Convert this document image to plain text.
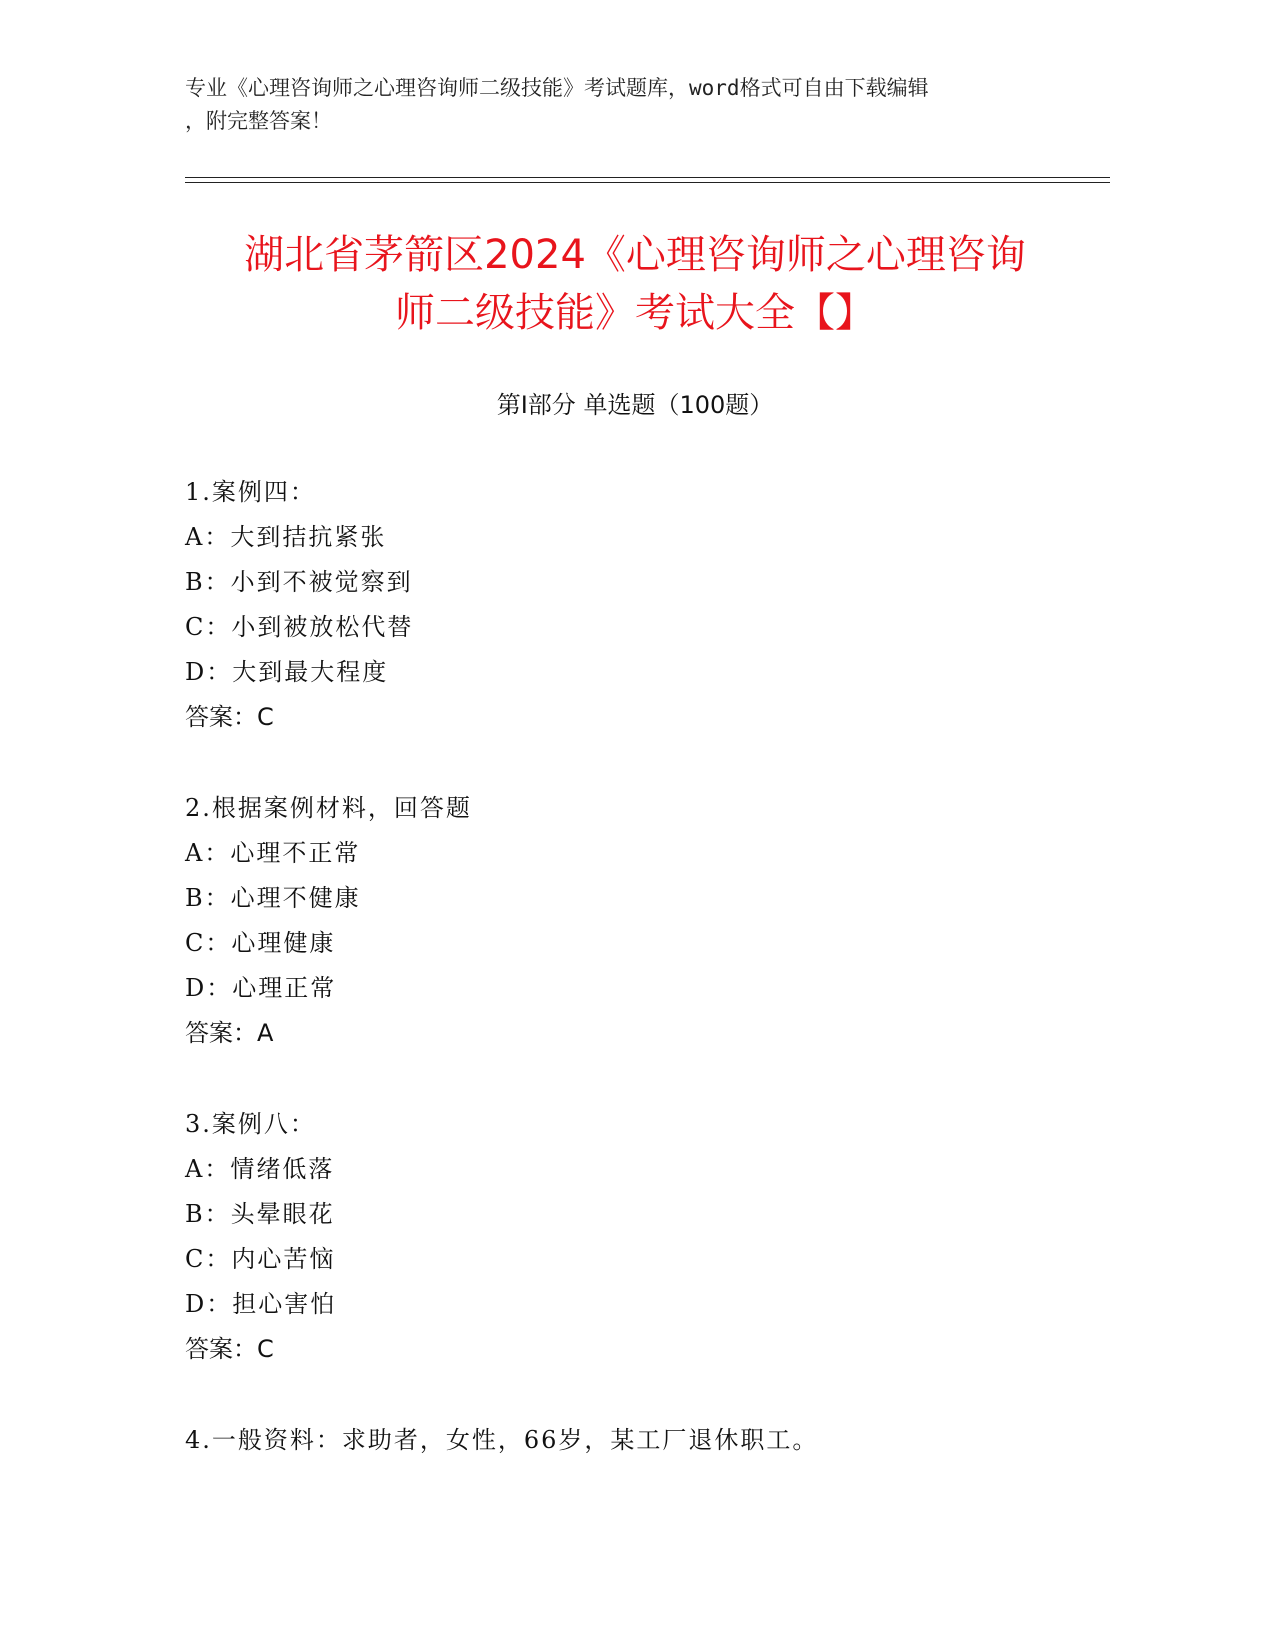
专业《心理咨询师之心理咨询师二级技能》考试题库，word格式可自由下载编辑
，附完整答案！
湖北省茅箭区2024《心理咨询师之心理咨询
师二级技能》考试大全【】
第I部分 单选题（100题）
1.案例四：
A：大到拮抗紧张
B：小到不被觉察到
C：小到被放松代替
D：大到最大程度
答案：C
2.根据案例材料，回答题
A：心理不正常
B：心理不健康
C：心理健康
D：心理正常
答案：A
3.案例八：
A：情绪低落
B：头晕眼花
C：内心苦恼
D：担心害怕
答案：C
4.一般资料：求助者，女性，66岁，某工厂退休职工。
